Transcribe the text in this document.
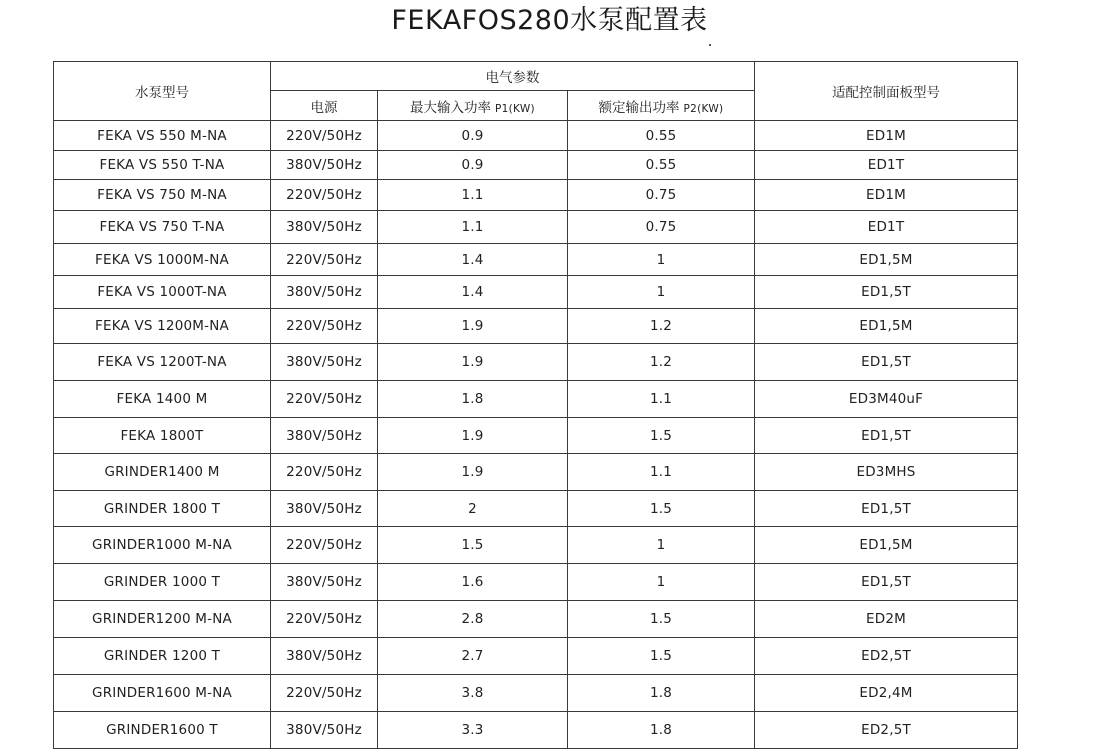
FEKAFOS280水泵配置表
水泵型号	电气参数			适配控制面板型号
	电源	最大输入功率 P1(KW)	额定输出功率 P2(KW)	
FEKA VS 550 M-NA	220V/50Hz	0.9	0.55	ED1M
FEKA VS 550 T-NA	380V/50Hz	0.9	0.55	ED1T
FEKA VS 750 M-NA	220V/50Hz	1.1	0.75	ED1M
FEKA VS 750 T-NA	380V/50Hz	1.1	0.75	ED1T
FEKA VS 1000M-NA	220V/50Hz	1.4	1	ED1,5M
FEKA VS 1000T-NA	380V/50Hz	1.4	1	ED1,5T
FEKA VS 1200M-NA	220V/50Hz	1.9	1.2	ED1,5M
FEKA VS 1200T-NA	380V/50Hz	1.9	1.2	ED1,5T
FEKA 1400 M	220V/50Hz	1.8	1.1	ED3M40uF
FEKA 1800T	380V/50Hz	1.9	1.5	ED1,5T
GRINDER1400 M	220V/50Hz	1.9	1.1	ED3MHS
GRINDER 1800 T	380V/50Hz	2	1.5	ED1,5T
GRINDER1000 M-NA	220V/50Hz	1.5	1	ED1,5M
GRINDER 1000 T	380V/50Hz	1.6	1	ED1,5T
GRINDER1200 M-NA	220V/50Hz	2.8	1.5	ED2M
GRINDER 1200 T	380V/50Hz	2.7	1.5	ED2,5T
GRINDER1600 M-NA	220V/50Hz	3.8	1.8	ED2,4M
GRINDER1600 T	380V/50Hz	3.3	1.8	ED2,5T
